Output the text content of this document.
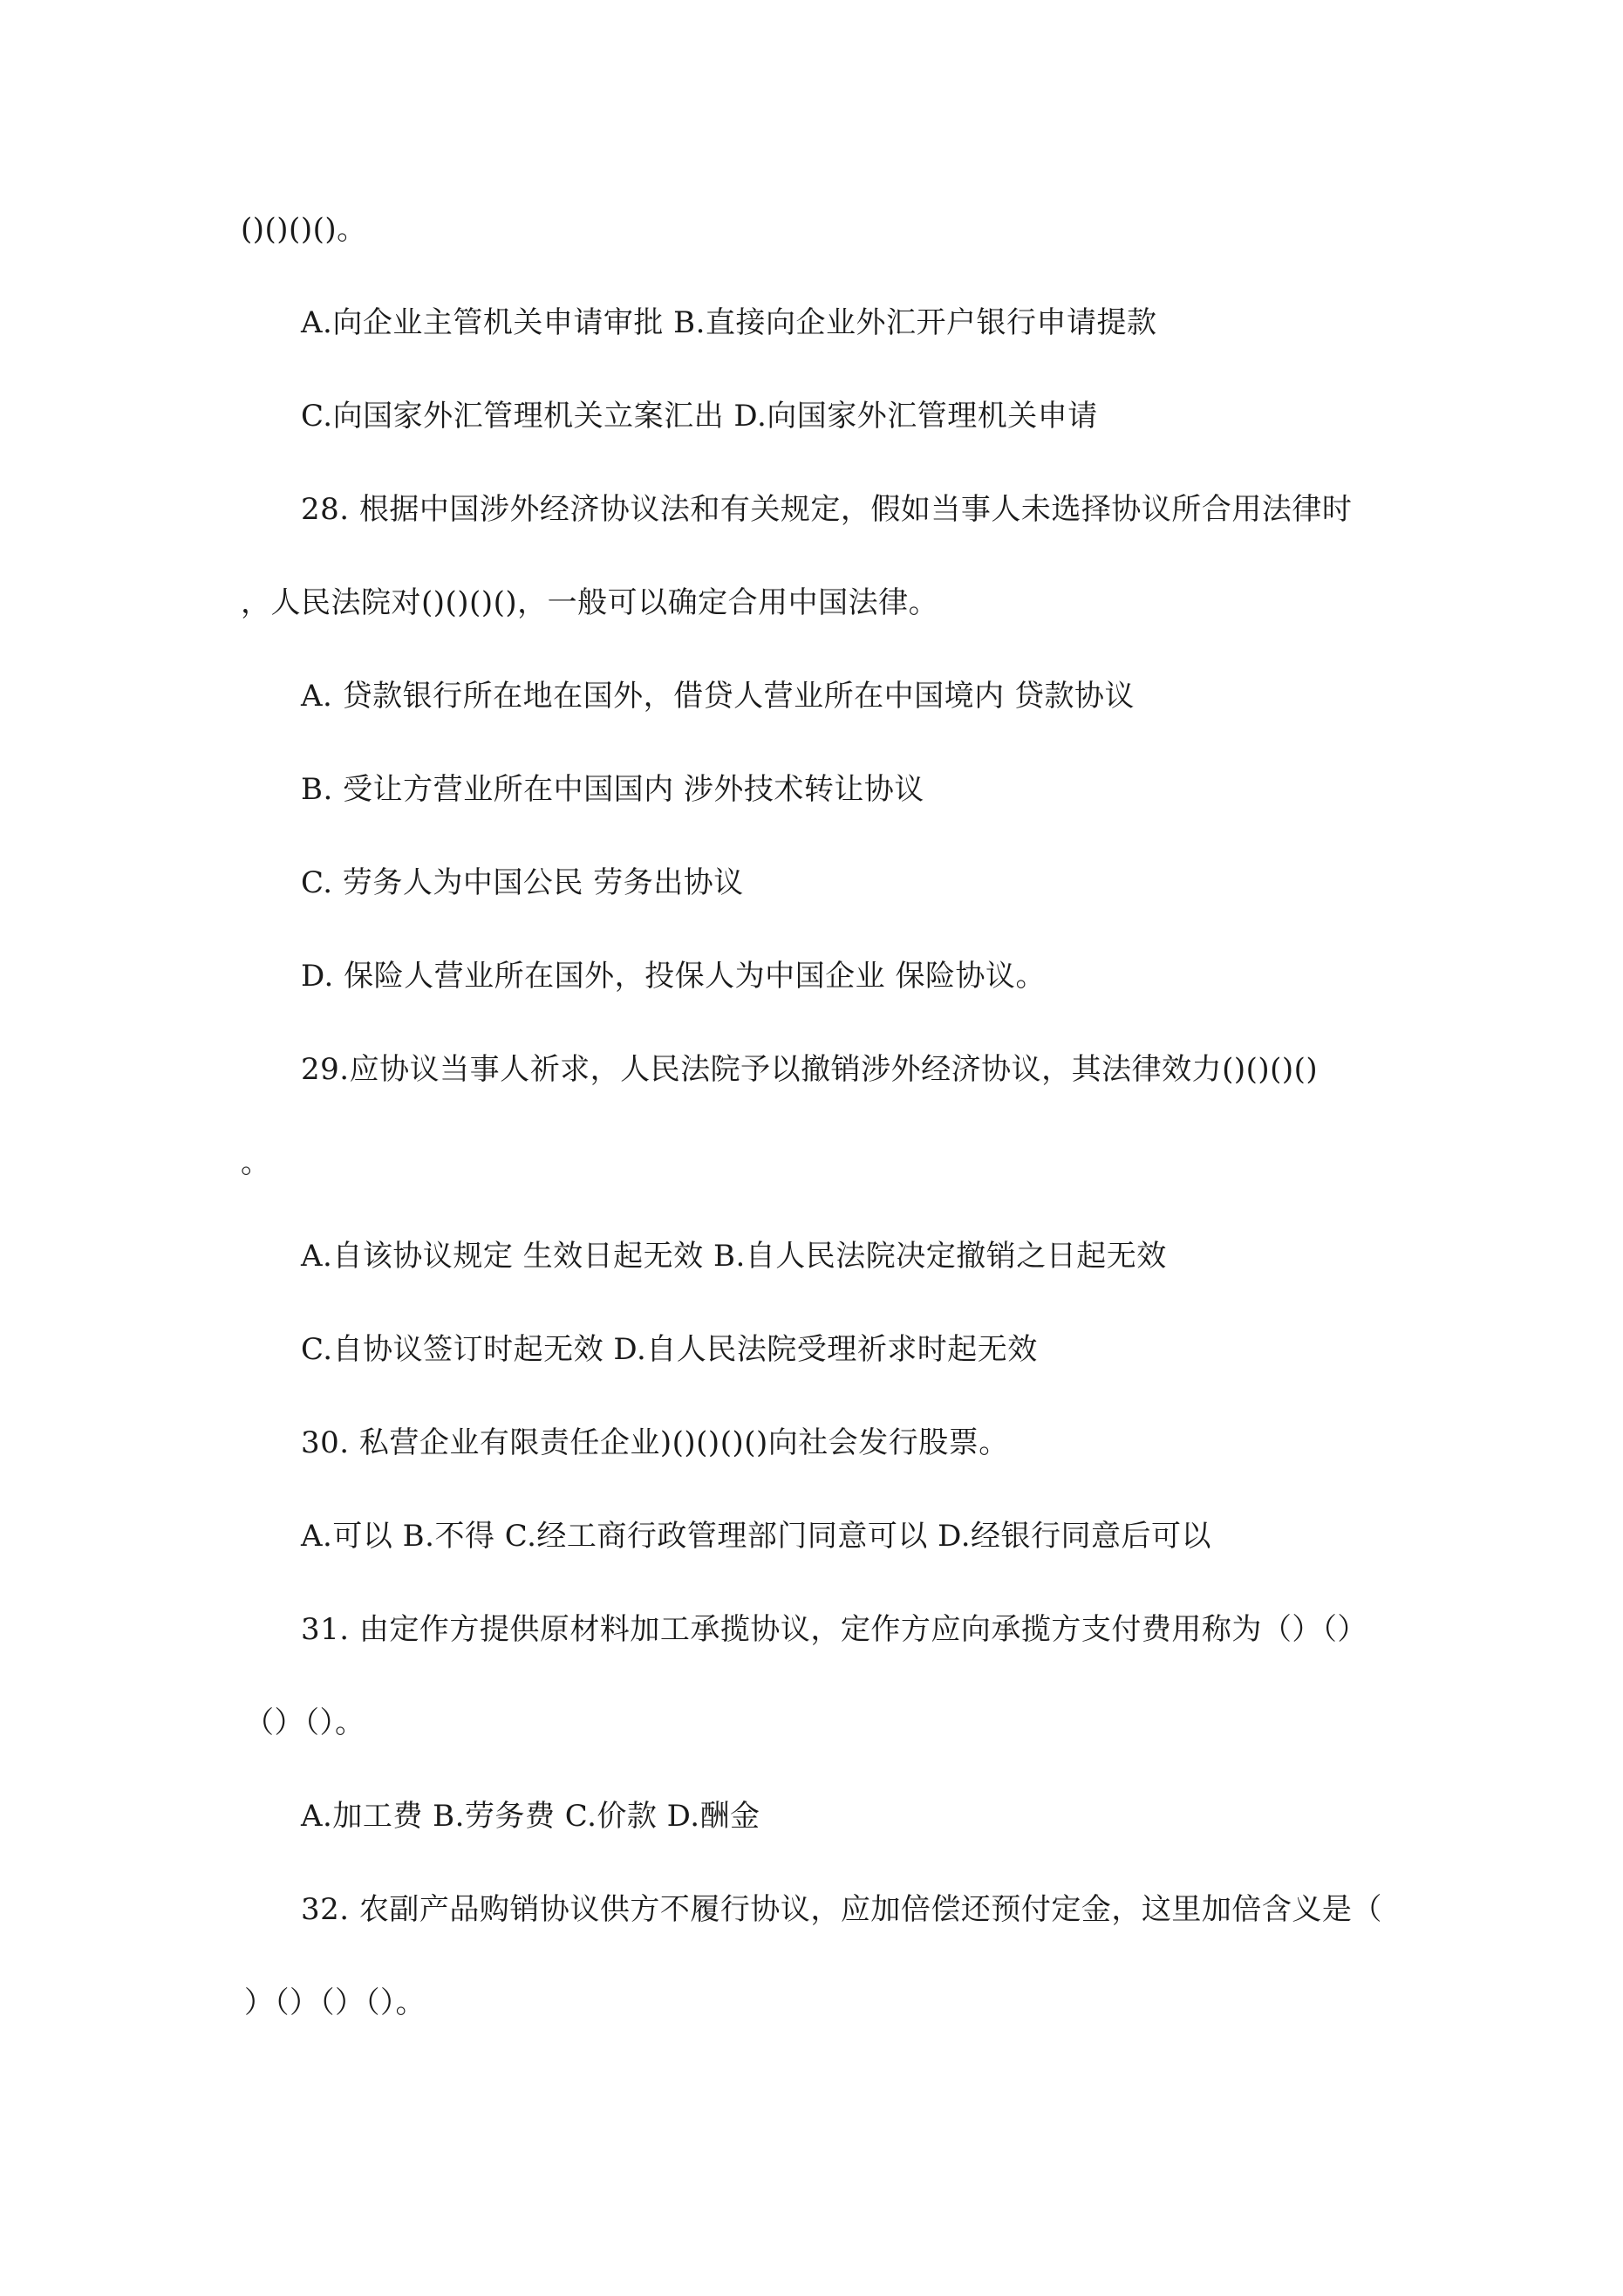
()()()()。
A.向企业主管机关申请审批 B.直接向企业外汇开户银行申请提款
C.向国家外汇管理机关立案汇出 D.向国家外汇管理机关申请
28. 根据中国涉外经济协议法和有关规定，假如当事人未选择协议所合用法律时
，人民法院对()()()()，一般可以确定合用中国法律。
A. 贷款银行所在地在国外，借贷人营业所在中国境内 贷款协议
B. 受让方营业所在中国国内 涉外技术转让协议
C. 劳务人为中国公民 劳务出协议
D. 保险人营业所在国外，投保人为中国企业 保险协议。
29.应协议当事人祈求，人民法院予以撤销涉外经济协议，其法律效力()()()()
。
A.自该协议规定 生效日起无效 B.自人民法院决定撤销之日起无效
C.自协议签订时起无效 D.自人民法院受理祈求时起无效
30. 私营企业有限责任企业)()()()()向社会发行股票。
A.可以 B.不得 C.经工商行政管理部门同意可以 D.经银行同意后可以
31. 由定作方提供原材料加工承揽协议，定作方应向承揽方支付费用称为（）（）
（）（）。
A.加工费 B.劳务费 C.价款 D.酬金
32. 农副产品购销协议供方不履行协议，应加倍偿还预付定金，这里加倍含义是（
）（）（）（）。
